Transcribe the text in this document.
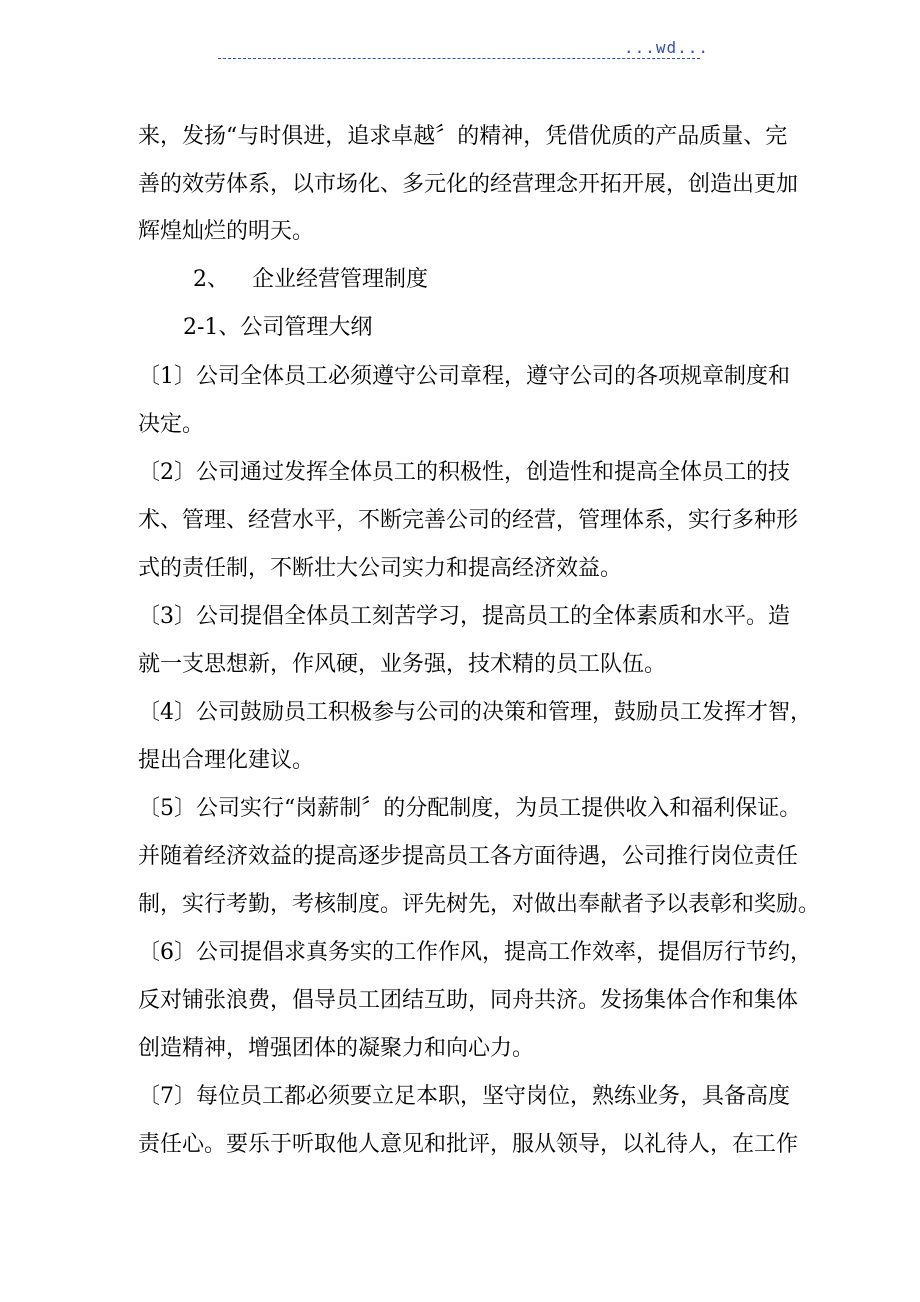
...wd...
来，发扬“与时俱进，追求卓越〞的精神，凭借优质的产品质量、完
善的效劳体系，以市场化、多元化的经营理念开拓开展，创造出更加
辉煌灿烂的明天。
2、 企业经营管理制度
2-1、公司管理大纲
〔1〕公司全体员工必须遵守公司章程，遵守公司的各项规章制度和
决定。
〔2〕公司通过发挥全体员工的积极性，创造性和提高全体员工的技
术、管理、经营水平，不断完善公司的经营，管理体系，实行多种形
式的责任制，不断壮大公司实力和提高经济效益。
〔3〕公司提倡全体员工刻苦学习，提高员工的全体素质和水平。造
就一支思想新，作风硬，业务强，技术精的员工队伍。
〔4〕公司鼓励员工积极参与公司的决策和管理，鼓励员工发挥才智，
提出合理化建议。
〔5〕公司实行“岗薪制〞的分配制度，为员工提供收入和福利保证。
并随着经济效益的提高逐步提高员工各方面待遇，公司推行岗位责任
制，实行考勤，考核制度。评先树先，对做出奉献者予以表彰和奖励。
〔6〕公司提倡求真务实的工作作风，提高工作效率，提倡厉行节约，
反对铺张浪费，倡导员工团结互助，同舟共济。发扬集体合作和集体
创造精神，增强团体的凝聚力和向心力。
〔7〕每位员工都必须要立足本职，坚守岗位，熟练业务，具备高度
责任心。要乐于听取他人意见和批评，服从领导，以礼待人，在工作
